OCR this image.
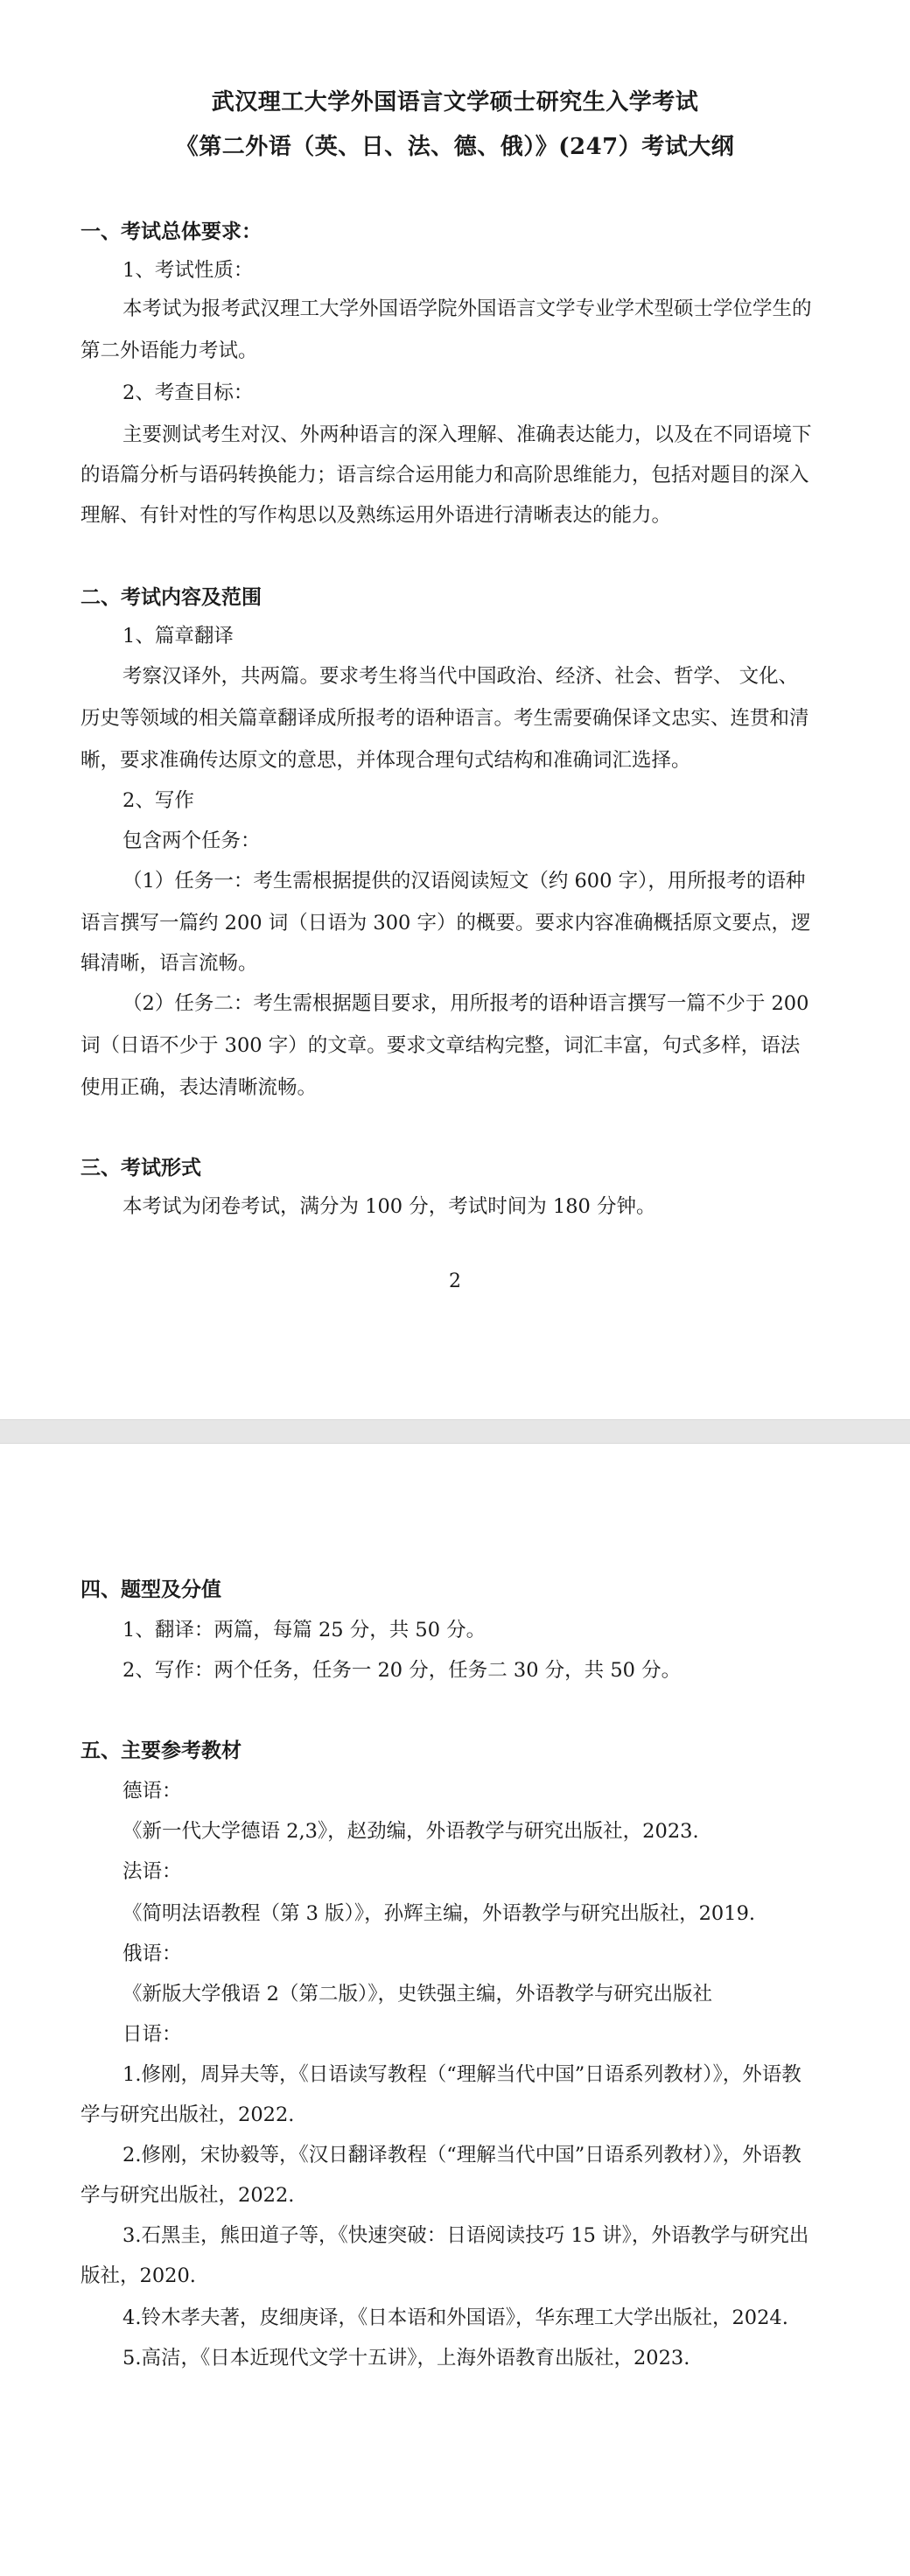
武汉理工大学外国语言文学硕士研究生入学考试
《第二外语（英、日、法、德、俄）》(247）考试大纲
一、考试总体要求：
1、考试性质：
本考试为报考武汉理工大学外国语学院外国语言文学专业学术型硕士学位学生的
第二外语能力考试。
2、考查目标：
主要测试考生对汉、外两种语言的深入理解、准确表达能力，以及在不同语境下
的语篇分析与语码转换能力；语言综合运用能力和高阶思维能力，包括对题目的深入
理解、有针对性的写作构思以及熟练运用外语进行清晰表达的能力。
二、考试内容及范围
1、篇章翻译
考察汉译外，共两篇。要求考生将当代中国政治、经济、社会、哲学、 文化、
历史等领域的相关篇章翻译成所报考的语种语言。考生需要确保译文忠实、连贯和清
晰，要求准确传达原文的意思，并体现合理句式结构和准确词汇选择。
2、写作
包含两个任务：
（1）任务一：考生需根据提供的汉语阅读短文（约 600 字），用所报考的语种
语言撰写一篇约 200 词（日语为 300 字）的概要。要求内容准确概括原文要点，逻
辑清晰，语言流畅。
（2）任务二：考生需根据题目要求，用所报考的语种语言撰写一篇不少于 200
词（日语不少于 300 字）的文章。要求文章结构完整，词汇丰富，句式多样，语法
使用正确，表达清晰流畅。
三、考试形式
本考试为闭卷考试，满分为 100 分，考试时间为 180 分钟。
2
四、题型及分值
1、翻译：两篇，每篇 25 分，共 50 分。
2、写作：两个任务，任务一 20 分，任务二 30 分，共 50 分。
五、主要参考教材
德语：
《新一代大学德语 2,3》，赵劲编，外语教学与研究出版社，2023.
法语：
《简明法语教程（第 3 版）》，孙辉主编，外语教学与研究出版社，2019.
俄语：
《新版大学俄语 2（第二版）》，史铁强主编，外语教学与研究出版社
日语：
1.修刚，周异夫等，《日语读写教程（“理解当代中国”日语系列教材）》，外语教
学与研究出版社，2022.
2.修刚，宋协毅等，《汉日翻译教程（“理解当代中国”日语系列教材）》，外语教
学与研究出版社，2022.
3.石黑圭，熊田道子等，《快速突破：日语阅读技巧 15 讲》，外语教学与研究出
版社，2020.
4.铃木孝夫著，皮细庚译，《日本语和外国语》，华东理工大学出版社，2024.
5.高洁，《日本近现代文学十五讲》，上海外语教育出版社，2023.
